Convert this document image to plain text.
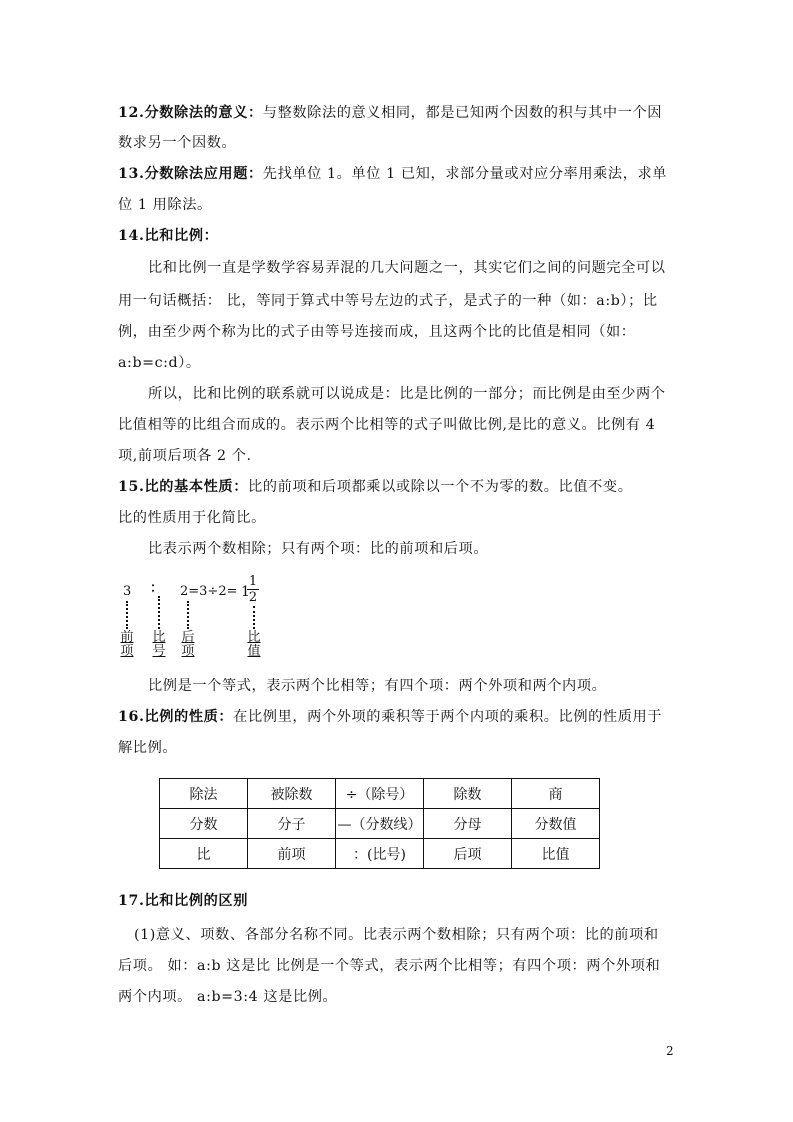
12.分数除法的意义：与整数除法的意义相同，都是已知两个因数的积与其中一个因
数求另一个因数。
13.分数除法应用题：先找单位 1。单位 1 已知，求部分量或对应分率用乘法，求单
位 1 用除法。
14.比和比例：
比和比例一直是学数学容易弄混的几大问题之一，其实它们之间的问题完全可以
用一句话概括： 比，等同于算式中等号左边的式子，是式子的一种（如：a:b）；比
例，由至少两个称为比的式子由等号连接而成，且这两个比的比值是相同（如：
a:b=c:d）。
所以，比和比例的联系就可以说成是：比是比例的一部分；而比例是由至少两个
比值相等的比组合而成的。表示两个比相等的式子叫做比例,是比的意义。比例有 4
项,前项后项各 2 个.
15.比的基本性质：比的前项和后项都乘以或除以一个不为零的数。比值不变。
比的性质用于化简比。
比表示两个数相除；只有两个项：比的前项和后项。
3 ： 2=3÷2= 1
1
2
前
项
比
号
后
项
比
值
比例是一个等式，表示两个比相等；有四个项：两个外项和两个内项。
16.比例的性质：在比例里，两个外项的乘积等于两个内项的乘积。比例的性质用于
解比例。
除法	被除数	÷（除号）	除数	商
分数	分子	—（分数线）	分母	分数值
比	前项	：(比号)	后项	比值
17.比和比例的区别
(1)意义、项数、各部分名称不同。比表示两个数相除；只有两个项：比的前项和
后项。 如：a:b 这是比 比例是一个等式，表示两个比相等；有四个项：两个外项和
两个内项。 a:b=3:4 这是比例。
2
